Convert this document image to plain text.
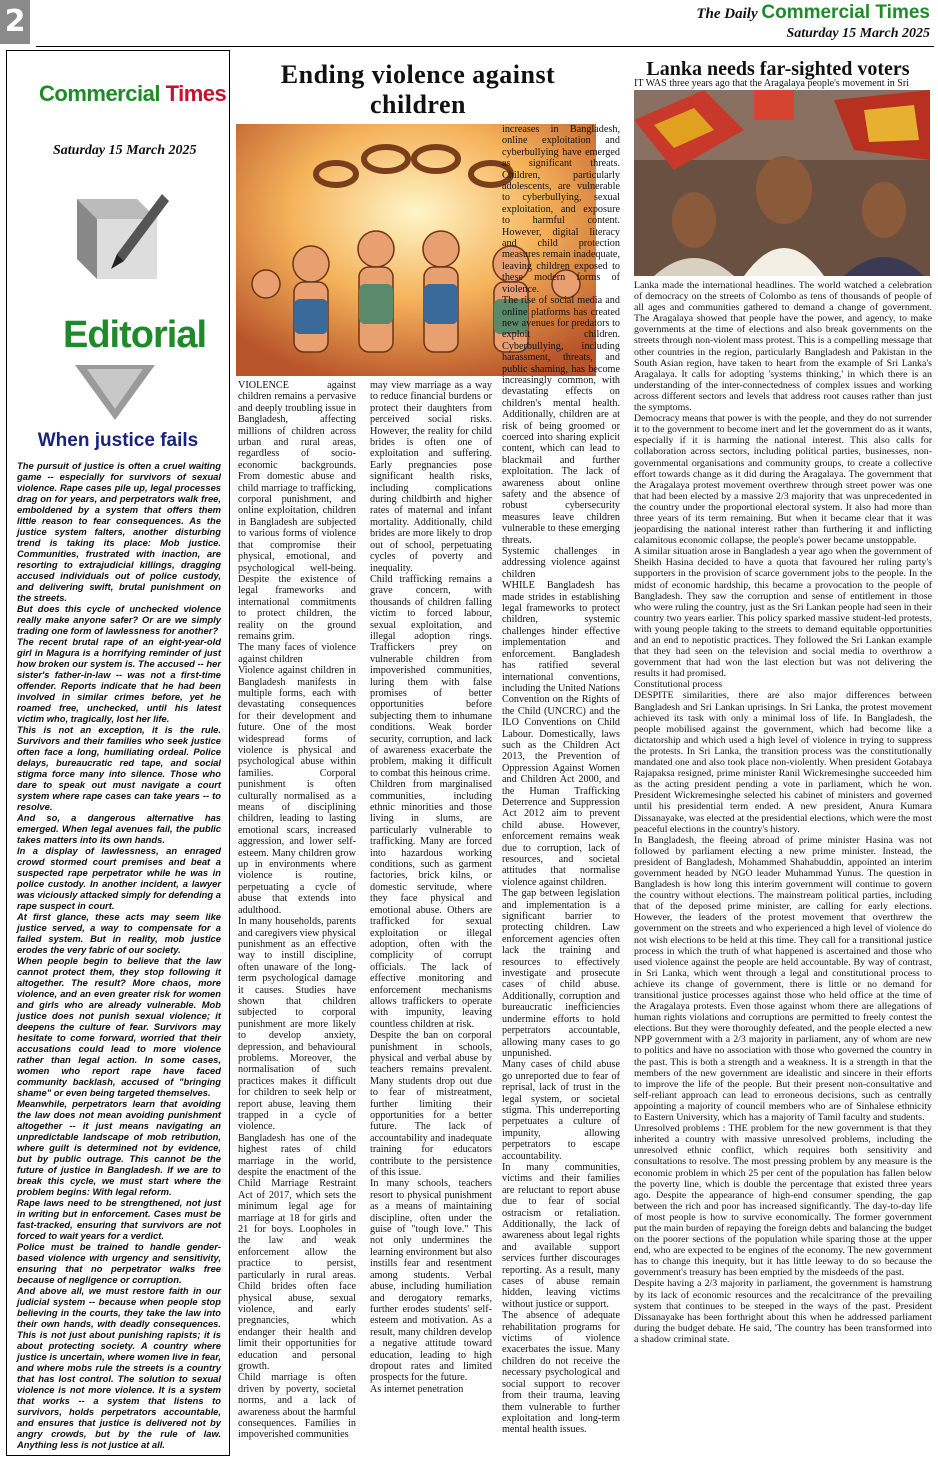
2	The Daily Commercial Times
Saturday 15 March 2025
Commercial Times
Saturday 15 March 2025
Editorial
When justice fails

The pursuit of justice is often a cruel waiting game -- especially for survivors of sexual violence. Rape cases pile up, legal processes drag on for years, and perpetrators walk free, emboldened by a system that offers them little reason to fear consequences. As the justice system falters, another disturbing trend is taking its place: Mob justice. Communities, frustrated with inaction, are resorting to extrajudicial killings, dragging accused individuals out of police custody, and delivering swift, brutal punishment on the streets.

But does this cycle of unchecked violence really make anyone safer? Or are we simply trading one form of lawlessness for another?

The recent brutal rape of an eight-year-old girl in Magura is a horrifying reminder of just how broken our system is. The accused -- her sister's father-in-law -- was not a first-time offender. Reports indicate that he had been involved in similar crimes before, yet he roamed free, unchecked, until his latest victim who, tragically, lost her life.

This is not an exception, it is the rule. Survivors and their families who seek justice often face a long, humiliating ordeal. Police delays, bureaucratic red tape, and social stigma force many into silence. Those who dare to speak out must navigate a court system where rape cases can take years -- to resolve.

And so, a dangerous alternative has emerged. When legal avenues fail, the public takes matters into its own hands.

In a display of lawlessness, an enraged crowd stormed court premises and beat a suspected rape perpetrator while he was in police custody. In another incident, a lawyer was viciously attacked simply for defending a rape suspect in court.

At first glance, these acts may seem like justice served, a way to compensate for a failed system. But in reality, mob justice erodes the very fabric of our society.

When people begin to believe that the law cannot protect them, they stop following it altogether. The result? More chaos, more violence, and an even greater risk for women and girls who are already vulnerable. Mob justice does not punish sexual violence; it deepens the culture of fear. Survivors may hesitate to come forward, worried that their accusations could lead to more violence rather than legal action. In some cases, women who report rape have faced community backlash, accused of "bringing shame" or even being targeted themselves.

Meanwhile, perpetrators learn that avoiding the law does not mean avoiding punishment altogether -- it just means navigating an unpredictable landscape of mob retribution, where guilt is determined not by evidence, but by public outrage. This cannot be the future of justice in Bangladesh. If we are to break this cycle, we must start where the problem begins: With legal reform.

Rape laws need to be strengthened, not just in writing but in enforcement. Cases must be fast-tracked, ensuring that survivors are not forced to wait years for a verdict.

Police must be trained to handle gender-based violence with urgency and sensitivity, ensuring that no perpetrator walks free because of negligence or corruption.

And above all, we must restore faith in our judicial system -- because when people stop believing in the courts, they take the law into their own hands, with deadly consequences. This is not just about punishing rapists; it is about protecting society. A country where justice is uncertain, where women live in fear, and where mobs rule the streets is a country that has lost control. The solution to sexual violence is not more violence. It is a system that works -- a system that listens to survivors, holds perpetrators accountable, and ensures that justice is delivered not by angry crowds, but by the rule of law. Anything less is not justice at all.

Ending violence against children

VIOLENCE against children remains a pervasive and deeply troubling issue in Bangladesh, affecting millions of children across urban and rural areas, regardless of socio-economic backgrounds. From domestic abuse and child marriage to trafficking, corporal punishment, and online exploitation, children in Bangladesh are subjected to various forms of violence that compromise their physical, emotional, and psychological well-being. Despite the existence of legal frameworks and international commitments to protect children, the reality on the ground remains grim.

The many faces of violence against children

Violence against children in Bangladesh manifests in multiple forms, each with devastating consequences for their development and future. One of the most widespread forms of violence is physical and psychological abuse within families. Corporal punishment is often culturally normalised as a means of disciplining children, leading to lasting emotional scars, increased aggression, and lower self-esteem. Many children grow up in environments where violence is routine, perpetuating a cycle of abuse that extends into adulthood.

In many households, parents and caregivers view physical punishment as an effective way to instill discipline, often unaware of the long-term psychological damage it causes. Studies have shown that children subjected to corporal punishment are more likely to develop anxiety, depression, and behavioural problems. Moreover, the normalisation of such practices makes it difficult for children to seek help or report abuse, leaving them trapped in a cycle of violence.

Bangladesh has one of the highest rates of child marriage in the world, despite the enactment of the Child Marriage Restraint Act of 2017, which sets the minimum legal age for marriage at 18 for girls and 21 for boys. Loopholes in the law and weak enforcement allow the practice to persist, particularly in rural areas. Child brides often face physical abuse, sexual violence, and early pregnancies, which endanger their health and limit their opportunities for education and personal growth.

Child marriage is often driven by poverty, societal norms, and a lack of awareness about the harmful consequences. Families in impoverished communities

may view marriage as a way to reduce financial burdens or protect their daughters from perceived social risks. However, the reality for child brides is often one of exploitation and suffering. Early pregnancies pose significant health risks, including complications during childbirth and higher rates of maternal and infant mortality. Additionally, child brides are more likely to drop out of school, perpetuating cycles of poverty and inequality.

Child trafficking remains a grave concern, with thousands of children falling victim to forced labour, sexual exploitation, and illegal adoption rings. Traffickers prey on vulnerable children from impoverished communities, luring them with false promises of better opportunities before subjecting them to inhumane conditions. Weak border security, corruption, and lack of awareness exacerbate the problem, making it difficult to combat this heinous crime.

Children from marginalised communities, including ethnic minorities and those living in slums, are particularly vulnerable to trafficking. Many are forced into hazardous working conditions, such as garment factories, brick kilns, or domestic servitude, where they face physical and emotional abuse. Others are trafficked for sexual exploitation or illegal adoption, often with the complicity of corrupt officials. The lack of effective monitoring and enforcement mechanisms allows traffickers to operate with impunity, leaving countless children at risk.

Despite the ban on corporal punishment in schools, physical and verbal abuse by teachers remains prevalent. Many students drop out due to fear of mistreatment, further limiting their opportunities for a better future. The lack of accountability and inadequate training for educators contribute to the persistence of this issue.

In many schools, teachers resort to physical punishment as a means of maintaining discipline, often under the guise of "tough love." This not only undermines the learning environment but also instills fear and resentment among students. Verbal abuse, including humiliation and derogatory remarks, further erodes students' self-esteem and motivation. As a result, many children develop a negative attitude toward education, leading to high dropout rates and limited prospects for the future.

As internet penetration

increases in Bangladesh, online exploitation and cyberbullying have emerged as significant threats. Children, particularly adolescents, are vulnerable to cyberbullying, sexual exploitation, and exposure to harmful content. However, digital literacy and child protection measures remain inadequate, leaving children exposed to these modern forms of violence.

The rise of social media and online platforms has created new avenues for predators to exploit children. Cyberbullying, including harassment, threats, and public shaming, has become increasingly common, with devastating effects on children's mental health. Additionally, children are at risk of being groomed or coerced into sharing explicit content, which can lead to blackmail and further exploitation. The lack of awareness about online safety and the absence of robust cybersecurity measures leave children vulnerable to these emerging threats.

Systemic challenges in addressing violence against children

WHILE Bangladesh has made strides in establishing legal frameworks to protect children, systemic challenges hinder effective implementation and enforcement. Bangladesh has ratified several international conventions, including the United Nations Convention on the Rights of the Child (UNCRC) and the ILO Conventions on Child Labour. Domestically, laws such as the Children Act 2013, the Prevention of Oppression Against Women and Children Act 2000, and the Human Trafficking Deterrence and Suppression Act 2012 aim to prevent child abuse. However, enforcement remains weak due to corruption, lack of resources, and societal attitudes that normalise violence against children.

The gap between legislation and implementation is a significant barrier to protecting children. Law enforcement agencies often lack the training and resources to effectively investigate and prosecute cases of child abuse. Additionally, corruption and bureaucratic inefficiencies undermine efforts to hold perpetrators accountable, allowing many cases to go unpunished.

Many cases of child abuse go unreported due to fear of reprisal, lack of trust in the legal system, or societal stigma. This underreporting perpetuates a culture of impunity, allowing perpetrators to escape accountability.

In many communities, victims and their families are reluctant to report abuse due to fear of social ostracism or retaliation. Additionally, the lack of awareness about legal rights and available support services further discourages reporting. As a result, many cases of abuse remain hidden, leaving victims without justice or support.

The absence of adequate rehabilitation programs for victims of violence exacerbates the issue. Many children do not receive the necessary psychological and social support to recover from their trauma, leaving them vulnerable to further exploitation and long-term mental health issues.

Lanka needs far-sighted voters
IT WAS three years ago that the Aragalaya people's movement in Sri

Lanka made the international headlines. The world watched a celebration of democracy on the streets of Colombo as tens of thousands of people of all ages and communities gathered to demand a change of government. The Aragalaya showed that people have the power, and agency, to make governments at the time of elections and also break governments on the streets through non-violent mass protest. This is a compelling message that other countries in the region, particularly Bangladesh and Pakistan in the South Asian region, have taken to heart from the example of Sri Lanka's Aragalaya. It calls for adopting 'systems thinking,' in which there is an understanding of the inter-connectedness of complex issues and working across different sectors and levels that address root causes rather than just the symptoms.

Democracy means that power is with the people, and they do not surrender it to the government to become inert and let the government do as it wants, especially if it is harming the national interest. This also calls for collaboration across sectors, including political parties, businesses, non-governmental organisations and community groups, to create a collective effort towards change as it did during the Aragalaya. The government that the Aragalaya protest movement overthrew through street power was one that had been elected by a massive 2/3 majority that was unprecedented in the country under the proportional electoral system. It also had more than three years of its term remaining. But when it became clear that it was jeopardising the national interest rather than furthering it and inflicting calamitous economic collapse, the people's power became unstoppable.

A similar situation arose in Bangladesh a year ago when the government of Sheikh Hasina decided to have a quota that favoured her ruling party's supporters in the provision of scarce government jobs to the people. In the midst of economic hardship, this became a provocation to the people of Bangladesh. They saw the corruption and sense of entitlement in those who were ruling the country, just as the Sri Lankan people had seen in their country two years earlier. This policy sparked massive student-led protests, with young people taking to the streets to demand equitable opportunities and an end to nepotistic practices. They followed the Sri Lankan example that they had seen on the television and social media to overthrow a government that had won the last election but was not delivering the results it had promised.

Constitutional process

DESPITE similarities, there are also major differences between Bangladesh and Sri Lankan uprisings. In Sri Lanka, the protest movement achieved its task with only a minimal loss of life. In Bangladesh, the people mobilised against the government, which had become like a dictatorship and which used a high level of violence in trying to suppress the protests. In Sri Lanka, the transition process was the constitutionally mandated one and also took place non-violently. When president Gotabaya Rajapaksa resigned, prime minister Ranil Wickremesinghe succeeded him as the acting president pending a vote in parliament, which he won. President Wickremesinghe selected his cabinet of ministers and governed until his presidential term ended. A new president, Anura Kumara Dissanayake, was elected at the presidential elections, which were the most peaceful elections in the country's history.

In Bangladesh, the fleeing abroad of prime minister Hasina was not followed by parliament electing a new prime minister. Instead, the president of Bangladesh, Mohammed Shahabuddin, appointed an interim government headed by NGO leader Muhammad Yunus. The question in Bangladesh is how long this interim government will continue to govern the country without elections. The mainstream political parties, including that of the deposed prime minister, are calling for early elections. However, the leaders of the protest movement that overthrew the government on the streets and who experienced a high level of violence do not wish elections to be held at this time. They call for a transitional justice process in which the truth of what happened is ascertained and those who used violence against the people are held accountable. By way of contrast, in Sri Lanka, which went through a legal and constitutional process to achieve its change of government, there is little or no demand for transitional justice processes against those who held office at the time of the Aragalaya protests. Even those against whom there are allegations of human rights violations and corruptions are permitted to freely contest the elections. But they were thoroughly defeated, and the people elected a new NPP government with a 2/3 majority in parliament, any of whom are new to politics and have no association with those who governed the country in the past. This is both a strength and a weakness. It is a strength in that the members of the new government are idealistic and sincere in their efforts to improve the life of the people. But their present non-consultative and self-reliant approach can lead to erroneous decisions, such as centrally appointing a majority of council members who are of Sinhalese ethnicity to Eastern University, which has a majority of Tamil faculty and students.

Unresolved problems : THE problem for the new government is that they inherited a country with massive unresolved problems, including the unresolved ethnic conflict, which requires both sensitivity and consultations to resolve. The most pressing problem by any measure is the economic problem in which 25 per cent of the population has fallen below the poverty line, which is double the percentage that existed three years ago. Despite the appearance of high-end consumer spending, the gap between the rich and poor has increased significantly. The day-to-day life of most people is how to survive economically. The former government put the main burden of repaying the foreign debts and balancing the budget on the poorer sections of the population while sparing those at the upper end, who are expected to be engines of the economy. The new government has to change this inequity, but it has little leeway to do so because the government's treasury has been emptied by the misdeeds of the past.

Despite having a 2/3 majority in parliament, the government is hamstrung by its lack of economic resources and the recalcitrance of the prevailing system that continues to be steeped in the ways of the past. President Dissanayake has been forthright about this when he addressed parliament during the budget debate. He said, 'The country has been transformed into a shadow criminal state.
